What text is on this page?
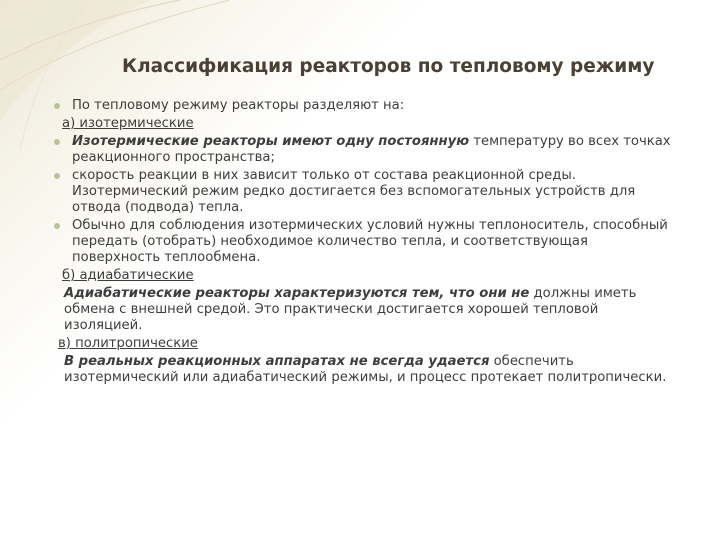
Классификация реакторов по тепловому режиму
По тепловому режиму реакторы разделяют на:
а) изотермические
Изотермические реакторы имеют одну постоянную температуру во всех точках реакционного пространства;
скорость реакции в них зависит только от состава реакционной среды. Изотермический режим редко достигается без вспомогательных устройств для отвода (подвода) тепла.
Обычно для соблюдения изотермических условий нужны теплоноситель, способный передать (отобрать) необходимое количество тепла, и соответствующая поверхность теплообмена.
б) адиабатические
Адиабатические реакторы характеризуются тем, что они не должны иметь обмена с внешней средой. Это практически достигается хорошей тепловой изоляцией.
в) политропические
В реальных реакционных аппаратах не всегда удается обеспечить изотермический или адиабатический режимы, и процесс протекает политропически.
